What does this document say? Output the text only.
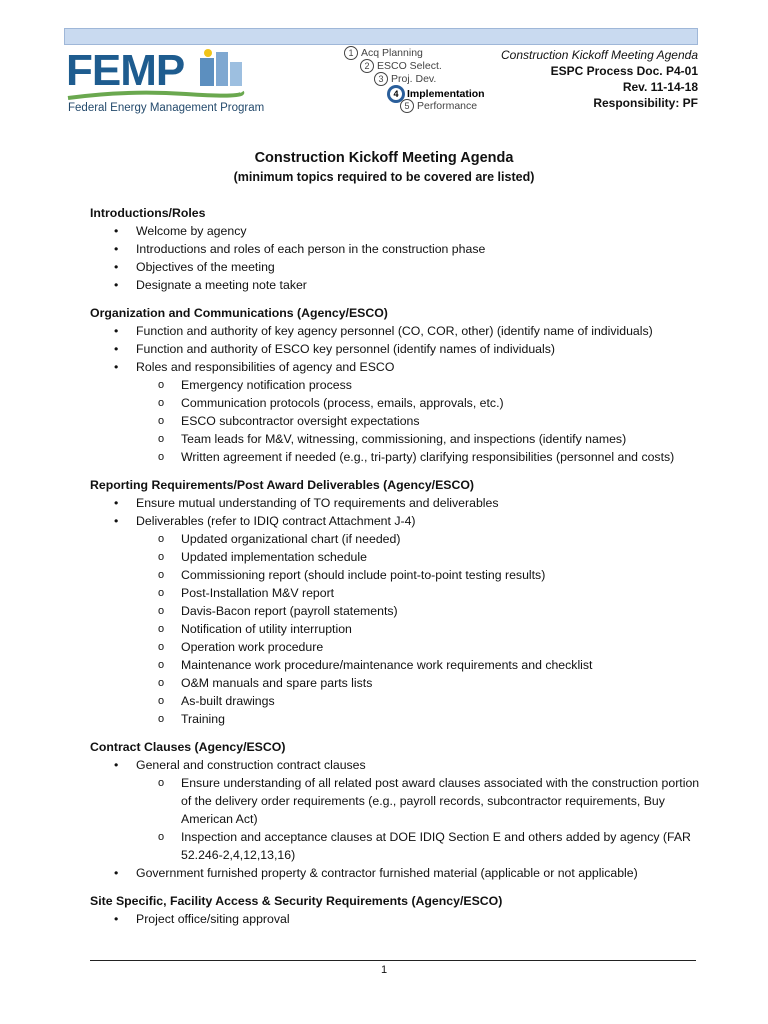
FEMP
Federal Energy Management Program
1 Acq Planning
2 ESCO Select.
3 Proj. Dev.
4 Implementation
5 Performance
Construction Kickoff Meeting Agenda
ESPC Process Doc. P4-01
Rev. 11-14-18
Responsibility: PF
Construction Kickoff Meeting Agenda
(minimum topics required to be covered are listed)
Introductions/Roles
• Welcome by agency
• Introductions and roles of each person in the construction phase
• Objectives of the meeting
• Designate a meeting note taker
Organization and Communications (Agency/ESCO)
• Function and authority of key agency personnel (CO, COR, other) (identify name of individuals)
• Function and authority of ESCO key personnel (identify names of individuals)
• Roles and responsibilities of agency and ESCO
o Emergency notification process
o Communication protocols (process, emails, approvals, etc.)
o ESCO subcontractor oversight expectations
o Team leads for M&V, witnessing, commissioning, and inspections (identify names)
o Written agreement if needed (e.g., tri-party) clarifying responsibilities (personnel and costs)
Reporting Requirements/Post Award Deliverables (Agency/ESCO)
• Ensure mutual understanding of TO requirements and deliverables
• Deliverables (refer to IDIQ contract Attachment J-4)
o Updated organizational chart (if needed)
o Updated implementation schedule
o Commissioning report (should include point-to-point testing results)
o Post-Installation M&V report
o Davis-Bacon report (payroll statements)
o Notification of utility interruption
o Operation work procedure
o Maintenance work procedure/maintenance work requirements and checklist
o O&M manuals and spare parts lists
o As-built drawings
o Training
Contract Clauses (Agency/ESCO)
• General and construction contract clauses
o Ensure understanding of all related post award clauses associated with the construction portion of the delivery order requirements (e.g., payroll records, subcontractor requirements, Buy American Act)
o Inspection and acceptance clauses at DOE IDIQ Section E and others added by agency (FAR 52.246-2,4,12,13,16)
• Government furnished property & contractor furnished material (applicable or not applicable)
Site Specific, Facility Access & Security Requirements (Agency/ESCO)
• Project office/siting approval
1
